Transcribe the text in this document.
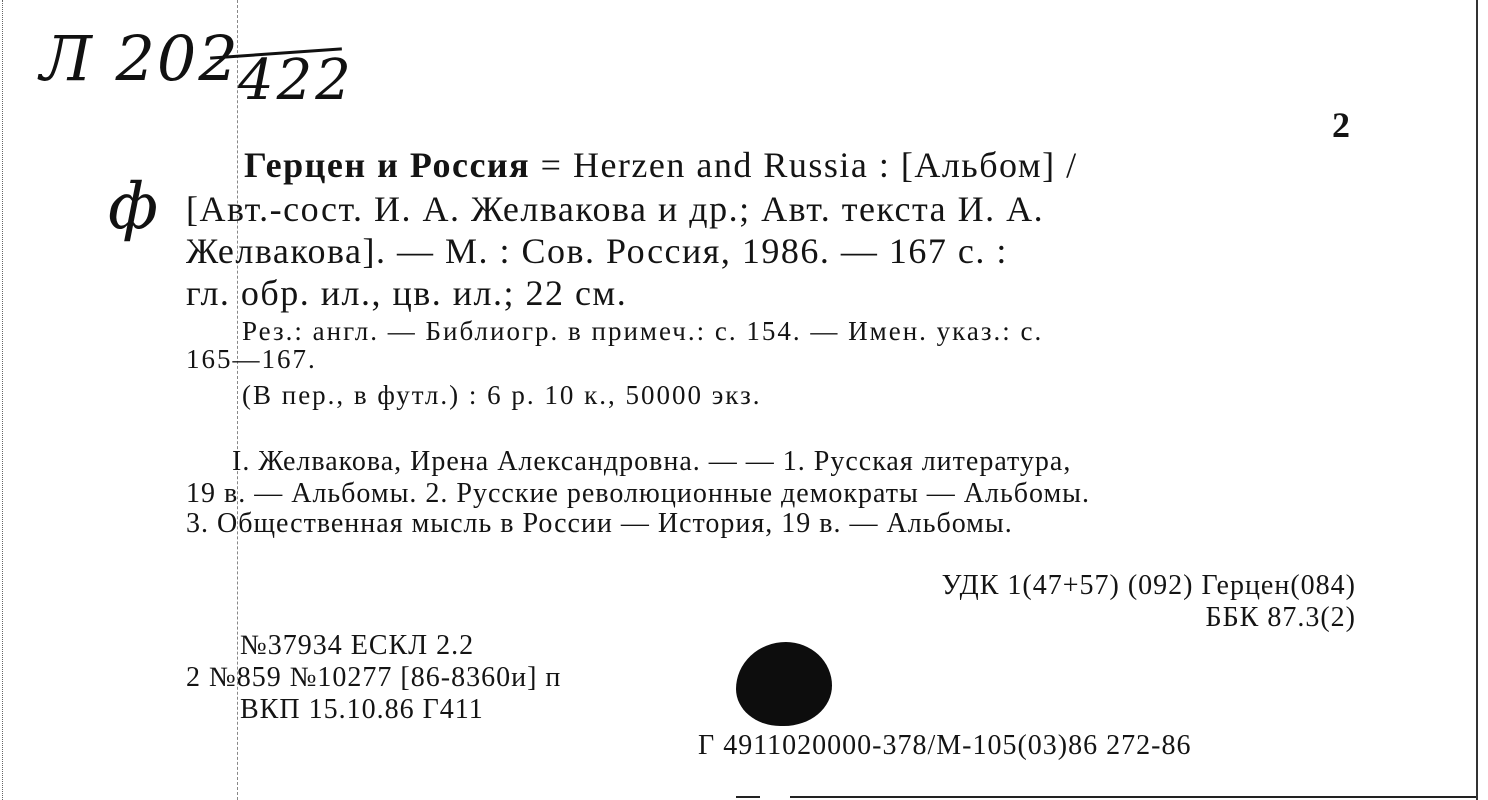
Л 202
422
ф
2
Герцен и Россия = Herzen and Russia : [Альбом] /
[Авт.-сост. И. А. Желвакова и др.; Авт. текста И. А.
Желвакова]. — М. : Сов. Россия, 1986. — 167 с. :
гл. обр. ил., цв. ил.; 22 см.
Рез.: англ. — Библиогр. в примеч.: с. 154. — Имен. указ.: с.
165—167.
(В пер., в футл.) : 6 р. 10 к., 50000 экз.
I. Желвакова, Ирена Александровна. — — 1. Русская литература,
19 в. — Альбомы. 2. Русские революционные демократы — Альбомы.
3. Общественная мысль в России — История, 19 в. — Альбомы.
УДК 1(47+57) (092) Герцен(084)
ББК 87.3(2)
№37934 ЕСКЛ 2.2
2 №859 №10277 [86-8360и] п
ВКП 15.10.86 Г411
Г 4911020000-378/М-105(03)86 272-86
